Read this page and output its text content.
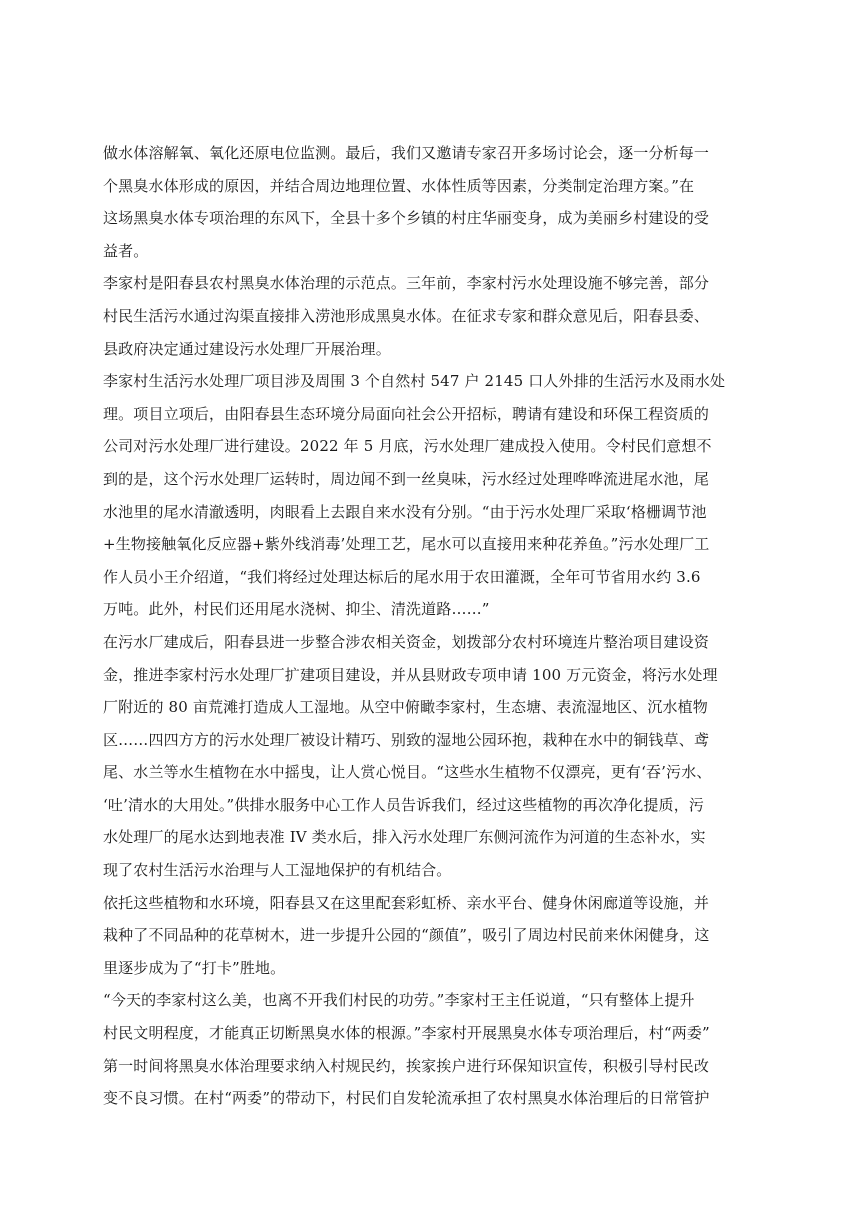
做水体溶解氧、氧化还原电位监测。最后，我们又邀请专家召开多场讨论会，逐一分析每一
个黑臭水体形成的原因，并结合周边地理位置、水体性质等因素，分类制定治理方案。”在
这场黑臭水体专项治理的东风下，全县十多个乡镇的村庄华丽变身，成为美丽乡村建设的受
益者。
李家村是阳春县农村黑臭水体治理的示范点。三年前，李家村污水处理设施不够完善，部分
村民生活污水通过沟渠直接排入涝池形成黑臭水体。在征求专家和群众意见后，阳春县委、
县政府决定通过建设污水处理厂开展治理。
李家村生活污水处理厂项目涉及周围 3 个自然村 547 户 2145 口人外排的生活污水及雨水处
理。项目立项后，由阳春县生态环境分局面向社会公开招标，聘请有建设和环保工程资质的
公司对污水处理厂进行建设。2022 年 5 月底，污水处理厂建成投入使用。令村民们意想不
到的是，这个污水处理厂运转时，周边闻不到一丝臭味，污水经过处理哗哗流进尾水池，尾
水池里的尾水清澈透明，肉眼看上去跟自来水没有分别。“由于污水处理厂采取‘格栅调节池
+生物接触氧化反应器+紫外线消毒’处理工艺，尾水可以直接用来种花养鱼。”污水处理厂工
作人员小王介绍道，“我们将经过处理达标后的尾水用于农田灌溉，全年可节省用水约 3.6
万吨。此外，村民们还用尾水浇树、抑尘、清洗道路……”
在污水厂建成后，阳春县进一步整合涉农相关资金，划拨部分农村环境连片整治项目建设资
金，推进李家村污水处理厂扩建项目建设，并从县财政专项申请 100 万元资金，将污水处理
厂附近的 80 亩荒滩打造成人工湿地。从空中俯瞰李家村，生态塘、表流湿地区、沉水植物
区……四四方方的污水处理厂被设计精巧、别致的湿地公园环抱，栽种在水中的铜钱草、鸢
尾、水兰等水生植物在水中摇曳，让人赏心悦目。“这些水生植物不仅漂亮，更有‘吞’污水、
‘吐’清水的大用处。”供排水服务中心工作人员告诉我们，经过这些植物的再次净化提质，污
水处理厂的尾水达到地表准 IV 类水后，排入污水处理厂东侧河流作为河道的生态补水，实
现了农村生活污水治理与人工湿地保护的有机结合。
依托这些植物和水环境，阳春县又在这里配套彩虹桥、亲水平台、健身休闲廊道等设施，并
栽种了不同品种的花草树木，进一步提升公园的“颜值”，吸引了周边村民前来休闲健身，这
里逐步成为了“打卡”胜地。
“今天的李家村这么美，也离不开我们村民的功劳。”李家村王主任说道，“只有整体上提升
村民文明程度，才能真正切断黑臭水体的根源。”李家村开展黑臭水体专项治理后，村“两委”
第一时间将黑臭水体治理要求纳入村规民约，挨家挨户进行环保知识宣传，积极引导村民改
变不良习惯。在村“两委”的带动下，村民们自发轮流承担了农村黑臭水体治理后的日常管护
